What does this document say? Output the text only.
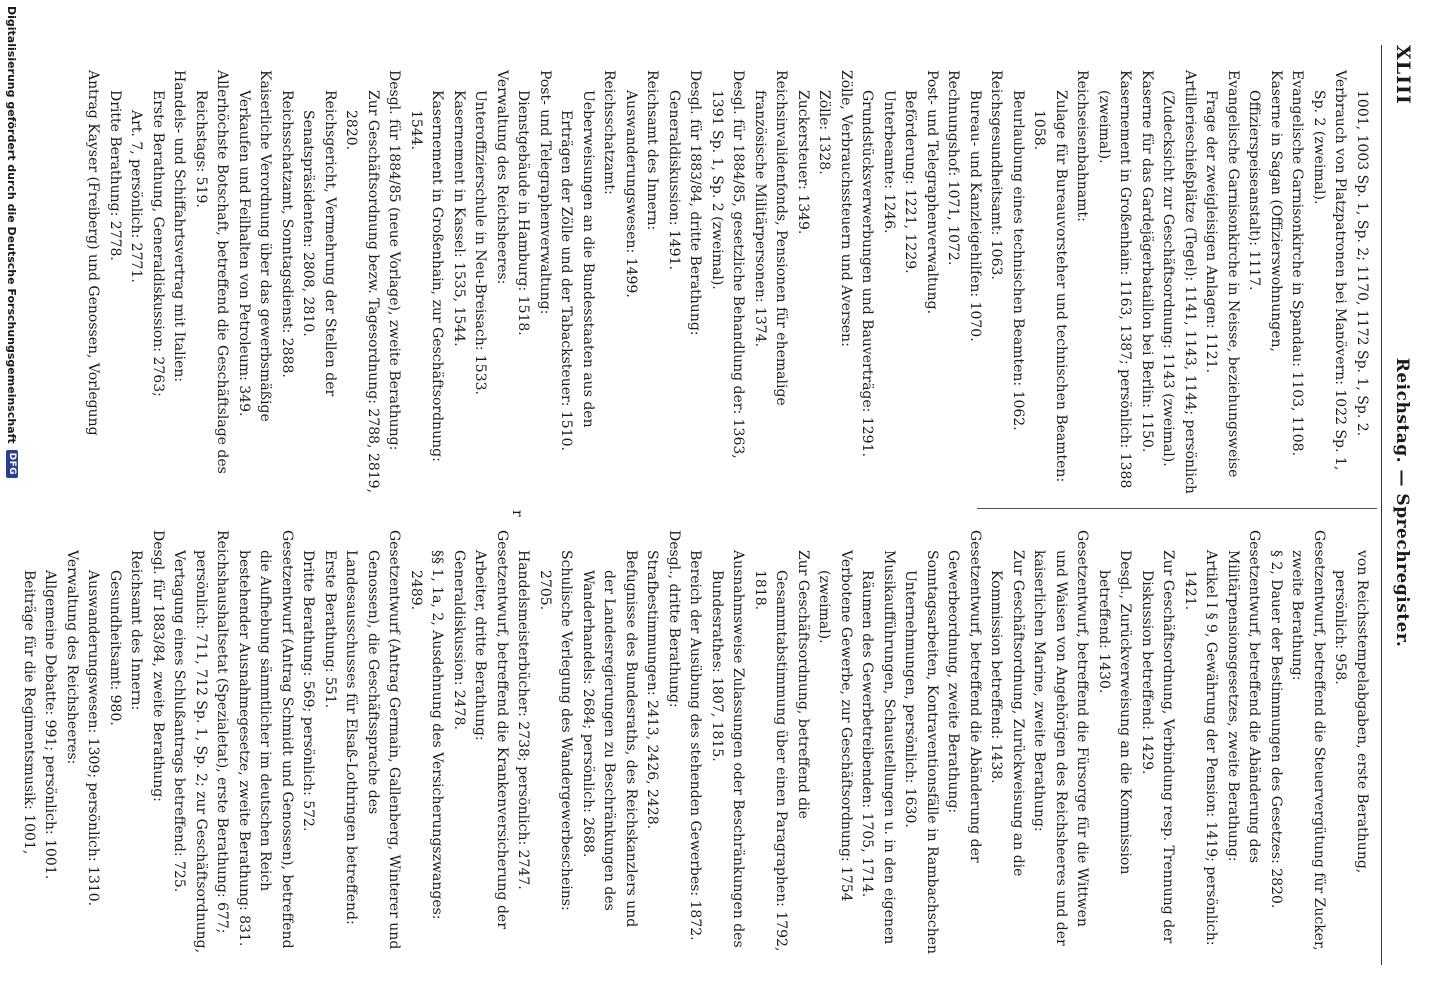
XLIII
Reichstag. — Sprechregister.

1001, 1003 Sp. 1, Sp. 2; 1170, 1172 Sp. 1, Sp. 2.

Verbrauch von Platzpatronen bei Manövern: 1022 Sp. 1, Sp. 2 (zweimal).

Evangelische Garnisonkirche in Spandau: 1103, 1108.

Kaserne in Sagan (Offizierswohnungen, Offizierspeiseanstalt): 1117.

Evangelische Garnisonkirche in Neisse, beziehungsweise Frage der zweigleisigen Anlagen: 1121.

Artillerieschießplätze (Tegel): 1141, 1143, 1144; persönlich (Zudecksicht zur Geschäftsordnung: 1143 (zweimal).

Kaserne für das Gardejägerbataillon bei Berlin: 1150.

Kasernement in Großenhain: 1163, 1387; persönlich: 1388 (zweimal).

Reichseisenbahnamt:

Zulage für Bureauvorsteher und technischen Beamten: 1058.

Beurlaubung eines technischen Beamten: 1062.

Reichsgesundheitsamt: 1063.

Bureau- und Kanzleigehilfen: 1070.

Rechnungshof: 1071, 1072.

Post- und Telegraphenverwaltung.

Beförderung: 1221, 1229.

Unterbeamte: 1246.

Grundstücksverwerbungen und Bauverträge: 1291.

Zölle, Verbrauchssteuern und Aversen:

Zölle: 1328.

Zuckersteuer: 1349.

Reichsinvalidenfonds, Pensionen für ehemalige französische Militärpersonen: 1374.

Desgl. für 1884/85, gesetzliche Behandlung der: 1363, 1391 Sp. 1, Sp. 2 (zweimal).

Desgl. für 1883/84, dritte Berathung:

Generaldiskussion: 1491.

Reichsamt des Innern:

Auswanderungswesen: 1499.

Reichsschatzamt:

Ueberweisungen an die Bundesstaaten aus den Erträgen der Zölle und der Tabacksteuer: 1510.

Post- und Telegraphenverwaltung:

Dienstgebäude in Hamburg: 1518.

Verwaltung des Reichsheeres:

Unteroffizierschule in Neu-Breisach: 1533.

Kasernement in Kassel: 1535, 1544.

Kasernement in Großenhain, zur Geschäftsordnung: 1544.

Desgl. für 1884/85 (neue Vorlage), zweite Berathung:

Zur Geschäftsordnung bezw. Tagesordnung: 2788, 2819, 2820.

Reichsgericht, Vermehrung der Stellen der Senatspräsidenten: 2808, 2810.

Reichsschatzamt, Sonntagsdienst: 2888.

Kaiserliche Verordnung über das gewerbsmäßige Verkaufen und Feilhalten von Petroleum: 349.

Allerhöchste Botschaft, betreffend die Geschäftslage des Reichstags: 519.

Handels- und Schiffahrtsvertrag mit Italien:

Erste Berathung, Generaldiskussion: 2763;

Art. 7, persönlich: 2771.

Dritte Berathung: 2778.

Antrag Kayser (Freiberg) und Genossen, Vorlegung

von Reichsstempelabgaben, erste Berathung, persönlich: 958.

Gesetzentwurf, betreffend die Steuervergütung für Zucker, zweite Berathung:

§ 2, Dauer der Bestimmungen des Gesetzes: 2820.

Gesetzentwurf, betreffend die Abänderung des Militärpensionsgesetzes, zweite Berathung:

Artikel I § 9, Gewährung der Pension: 1419; persönlich: 1421.

Zur Geschäftsordnung, Verbindung resp. Trennung der Diskussion betreffend: 1429.

Desgl., Zurückverweisung an die Kommission betreffend: 1430.

Gesetzentwurf, betreffend die Fürsorge für die Wittwen und Waisen von Angehörigen des Reichsheeres und der kaiserlichen Marine, zweite Berathung:

Zur Geschäftsordnung, Zurückweisung an die Kommission betreffend: 1438.

Gesetzentwurf, betreffend die Abänderung der Gewerbeordnung, zweite Berathung:

Sonntagsarbeiten, Kontraventionsfälle in Rambachschen Unternehmungen, persönlich: 1630.

Musikaufführungen, Schaustellungen u. in den eigenen Räumen des Gewerbetreibenden: 1705, 1714.

Verbotene Gewerbe, zur Geschäftsordnung: 1754 (zweimal).

Zur Geschäftsordnung, betreffend die Gesammtabstimmung über einen Paragraphen: 1792, 1818.

Ausnahmsweise Zulassungen oder Beschränkungen des Bundesrathes: 1807, 1815.

Bereich der Ausübung des stehenden Gewerbes: 1872.

Desgl., dritte Berathung:

Strafbestimmungen: 2413, 2426, 2428.

Befugnisse des Bundesraths, des Reichskanzlers und der Landesregierungen zu Beschränkungen des Wanderhandels: 2684; persönlich: 2688.

Schulische Verlegung des Wandergewerbescheins: 2705.

Handelsmeisterbücher: 2738; persönlich: 2747.

Gesetzentwurf, betreffend die Krankenversicherung der Arbeiter, dritte Berathung:

Generaldiskussion: 2478.

§§ 1, 1a, 2, Ausdehnung des Versicherungszwanges: 2489.

Gesetzentwurf (Antrag Germain, Gallenberg, Winterer und Genossen), die Geschäftssprache des Landesausschusses für Elsaß-Lothringen betreffend:

Erste Berathung: 551.

Dritte Berathung: 569; persönlich: 572.

Gesetzentwurf (Antrag Schmidt und Genossen), betreffend die Aufhebung sämmtlicher im deutschen Reich bestehender Ausnahmegesetze, zweite Berathung: 831.

Reichshaushaltsetat (Spezialetat), erste Berathung: 677; persönlich: 711, 712 Sp. 1, Sp. 2; zur Geschäftsordnung, Vertagung eines Schlußantrags betreffend: 725.

Desgl. für 1883/84, zweite Berathung:

Reichsamt des Innern:

Gesundheitsamt: 980.

Auswanderungswesen: 1309; persönlich: 1310.

Verwaltung des Reichsheeres:

Allgemeine Debatte: 991; persönlich: 1001.

Beiträge für die Regimentsmusik: 1001,

r
Digitalisierung gefördert durch die Deutsche Forschungsgemeinschaft
DFG
